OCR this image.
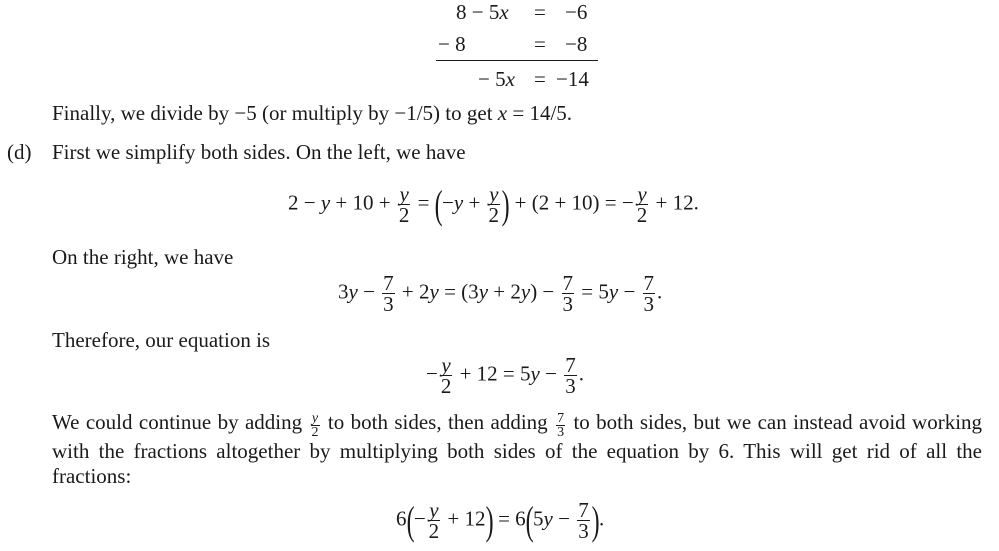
8 − 5x = −6
− 8	= −8
− 5x = −14
Finally, we divide by −5 (or multiply by −1/5) to get x = 14/5.
(d) First we simplify both sides. On the left, we have
$2 - y + 10 + \frac{y}{2} = (-y + \frac{y}{2}$ ) + (2 + 10) = − $\frac{y}{2} + 12$.
On the right, we have
$3y - \frac{7}{3} + 2y = (3y + 2y) - \frac{7}{3} = 5y - \frac{7}{3}$ .
Therefore, our equation is
− $\frac{y}{2} + 12 = 5y - \frac{7}{3}$ .
We could continue by adding $\frac{y}{2}$ to both sides, then adding $\frac{7}{3}$ to both sides, but we can instead avoid working with the fractions altogether by multiplying both sides of the equation by 6. This will get rid of all the fractions:
$6(- \frac{y}{2} + 12) = 6(5y - \frac{7}{3}$ ).
